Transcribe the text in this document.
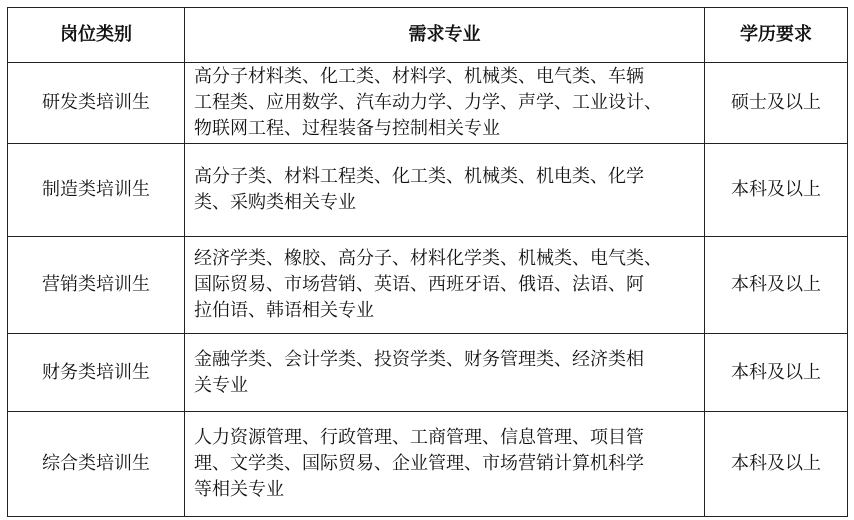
岗位类别	需求专业	学历要求
研发类培训生	高分子材料类、化工类、材料学、机械类、电气类、车辆
工程类、应用数学、汽车动力学、力学、声学、工业设计、
物联网工程、过程装备与控制相关专业	硕士及以上
制造类培训生	高分子类、材料工程类、化工类、机械类、机电类、化学
类、采购类相关专业	本科及以上
营销类培训生	经济学类、橡胶、高分子、材料化学类、机械类、电气类、
国际贸易、市场营销、英语、西班牙语、俄语、法语、阿
拉伯语、韩语相关专业	本科及以上
财务类培训生	金融学类、会计学类、投资学类、财务管理类、经济类相
关专业	本科及以上
综合类培训生	人力资源管理、行政管理、工商管理、信息管理、项目管
理、文学类、国际贸易、企业管理、市场营销计算机科学
等相关专业	本科及以上
